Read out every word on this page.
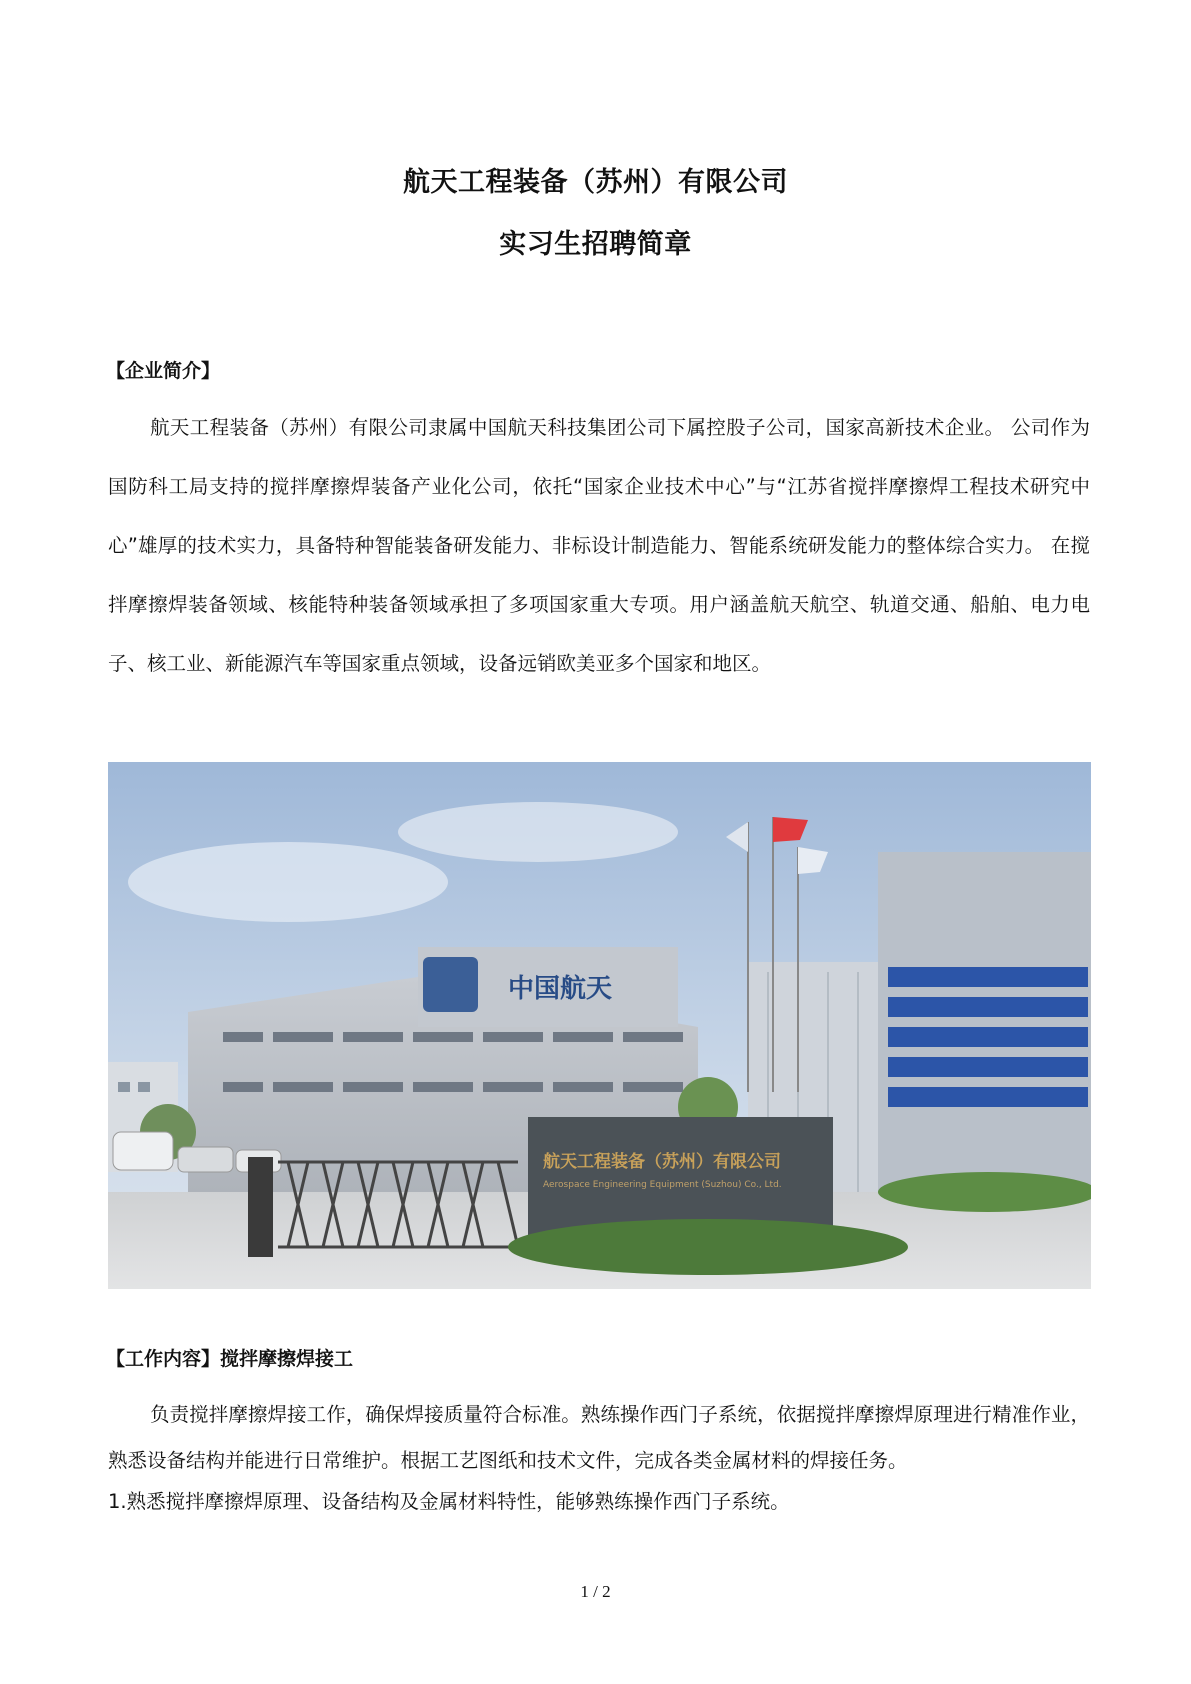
航天工程装备（苏州）有限公司
实习生招聘简章
【企业简介】
航天工程装备（苏州）有限公司隶属中国航天科技集团公司下属控股子公司，国家高新技术企业。 公司作为国防科工局支持的搅拌摩擦焊装备产业化公司，依托“国家企业技术中心”与“江苏省搅拌摩擦焊工程技术研究中心”雄厚的技术实力，具备特种智能装备研发能力、非标设计制造能力、智能系统研发能力的整体综合实力。 在搅拌摩擦焊装备领域、核能特种装备领域承担了多项国家重大专项。用户涵盖航天航空、轨道交通、船舶、电力电子、核工业、新能源汽车等国家重点领域，设备远销欧美亚多个国家和地区。
中国航天
航天工程装备（苏州）有限公司
Aerospace Engineering Equipment (Suzhou) Co., Ltd.
【工作内容】搅拌摩擦焊接工
负责搅拌摩擦焊接工作，确保焊接质量符合标准。熟练操作西门子系统，依据搅拌摩擦焊原理进行精准作业，熟悉设备结构并能进行日常维护。根据工艺图纸和技术文件，完成各类金属材料的焊接任务。
1.熟悉搅拌摩擦焊原理、设备结构及金属材料特性，能够熟练操作西门子系统。
1 / 2
